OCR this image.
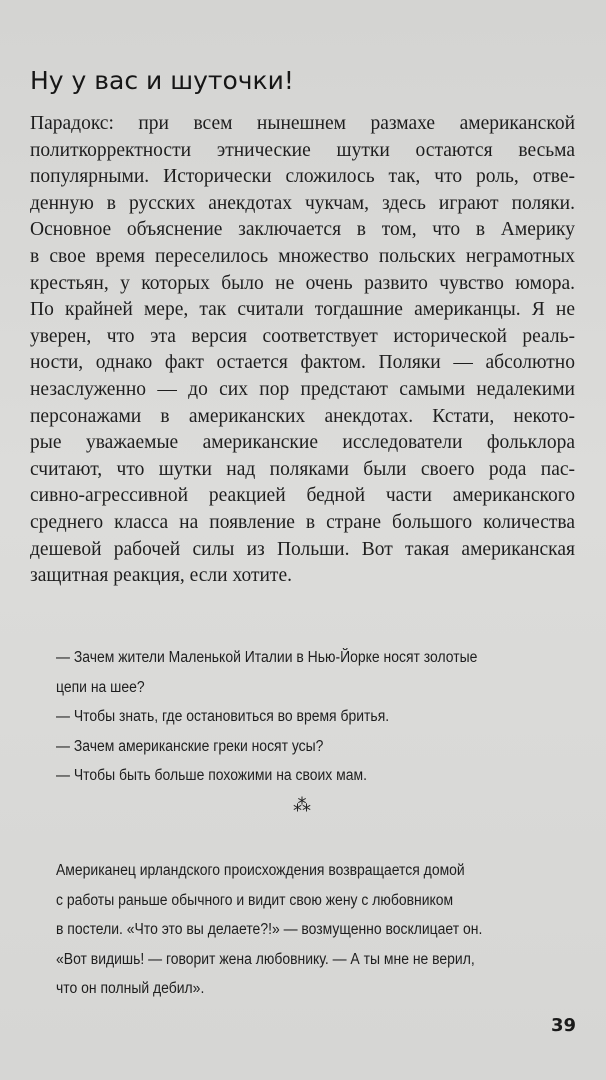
Ну у вас и шуточки!
Парадокс: при всем нынешнем размахе американской
политкорректности этнические шутки остаются весьма
популярными. Исторически сложилось так, что роль, отве-
денную в русских анекдотах чукчам, здесь играют поляки.
Основное объяснение заключается в том, что в Америку
в свое время переселилось множество польских неграмотных
крестьян, у которых было не очень развито чувство юмора.
По крайней мере, так считали тогдашние американцы. Я не
уверен, что эта версия соответствует исторической реаль-
ности, однако факт остается фактом. Поляки — абсолютно
незаслуженно — до сих пор предстают самыми недалекими
персонажами в американских анекдотах. Кстати, некото-
рые уважаемые американские исследователи фольклора
считают, что шутки над поляками были своего рода пас-
сивно-агрессивной реакцией бедной части американского
среднего класса на появление в стране большого количества
дешевой рабочей силы из Польши. Вот такая американская
защитная реакция, если хотите.
— Зачем жители Маленькой Италии в Нью-Йорке носят золотые
цепи на шее?
— Чтобы знать, где остановиться во время бритья.
— Зачем американские греки носят усы?
— Чтобы быть больше похожими на своих мам.
⁂
Американец ирландского происхождения возвращается домой
с работы раньше обычного и видит свою жену с любовником
в постели. «Что это вы делаете?!» — возмущенно восклицает он.
«Вот видишь! — говорит жена любовнику. — А ты мне не верил,
что он полный дебил».
39
